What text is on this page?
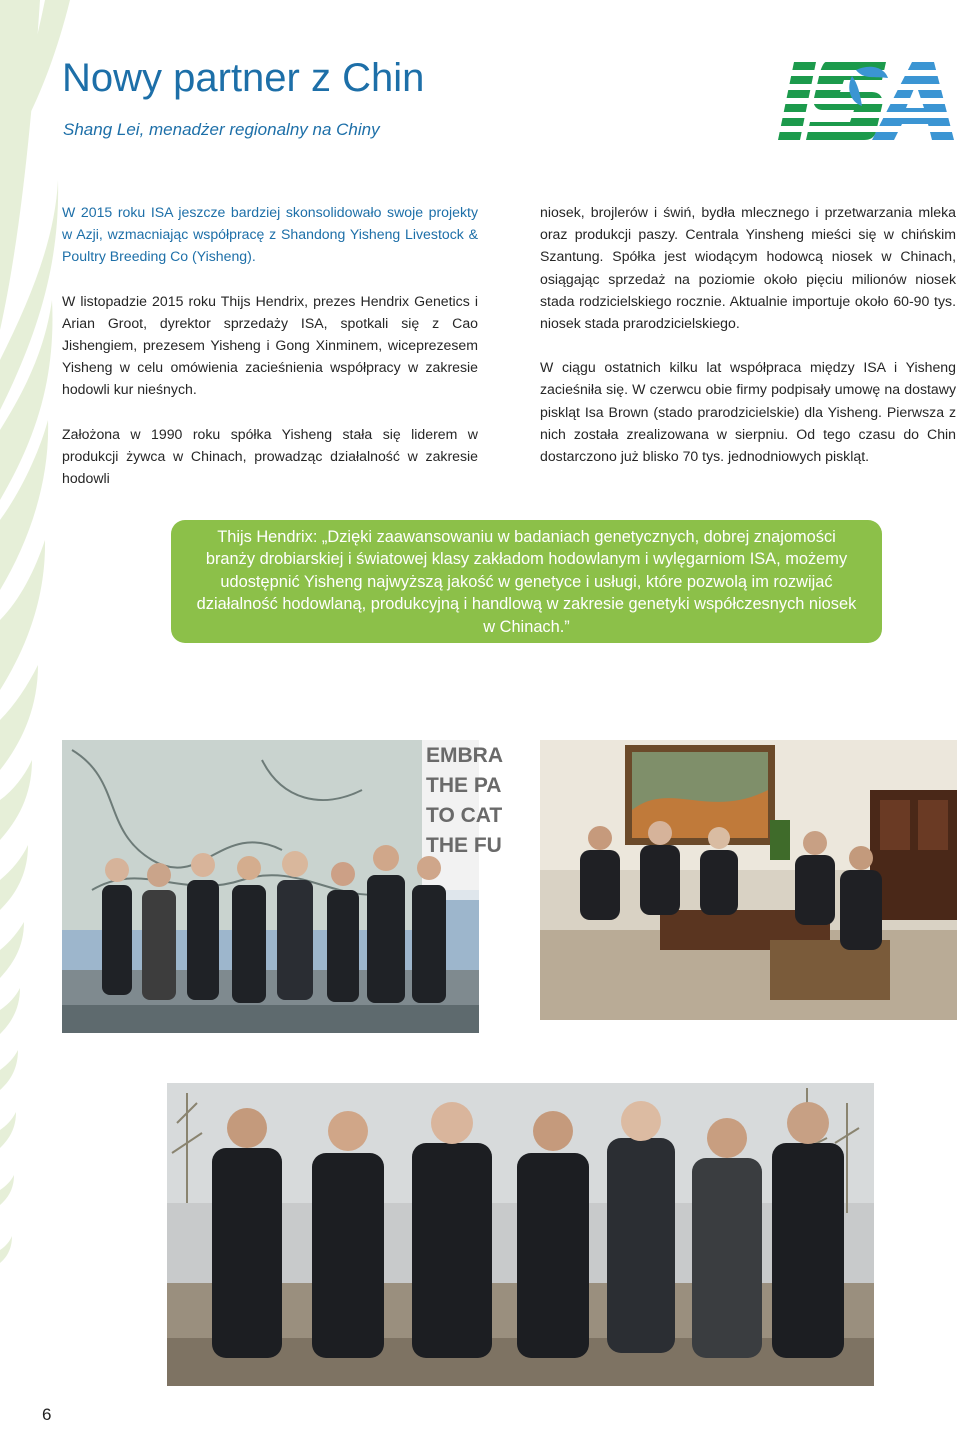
Nowy partner z Chin

Shang Lei, menadżer regionalny na Chiny

W 2015 roku ISA jeszcze bardziej skonsolidowało swoje projekty w Azji, wzmacniając współpracę z Shandong Yisheng Livestock & Poultry Breeding Co (Yisheng).

W listopadzie 2015 roku Thijs Hendrix, prezes Hendrix Genetics i Arian Groot, dyrektor sprzedaży ISA, spotkali się z Cao Jishengiem, prezesem Yisheng i Gong Xinminem, wiceprezesem Yisheng w celu omówienia zacieśnienia współpracy w zakresie hodowli kur nieśnych.

Założona w 1990 roku spółka Yisheng stała się liderem w produkcji żywca w Chinach, prowadząc działalność w zakresie hodowli

niosek, brojlerów i świń, bydła mlecznego i przetwarzania mleka oraz produkcji paszy. Centrala Yinsheng mieści się w chińskim Szantung. Spółka jest wiodącym hodowcą niosek w Chinach, osiągając sprzedaż na poziomie około pięciu milionów niosek stada rodzicielskiego rocznie. Aktualnie importuje około 60-90 tys. niosek stada prarodzicielskiego.

W ciągu ostatnich kilku lat współpraca między ISA i Yisheng zacieśniła się. W czerwcu obie firmy podpisały umowę na dostawy piskląt Isa Brown (stado prarodzicielskie) dla Yisheng. Pierwsza z nich została zrealizowana w sierpniu. Od tego czasu do Chin dostarczono już blisko 70 tys. jednodniowych piskląt.

Thijs Hendrix: „Dzięki zaawansowaniu w badaniach genetycznych, dobrej znajomości branży drobiarskiej i światowej klasy zakładom hodowlanym i wylęgarniom ISA, możemy udostępnić Yisheng najwyższą jakość w genetyce i usługi, które pozwolą im rozwijać działalność hodowlaną, produkcyjną i handlową w zakresie genetyki współczesnych niosek w Chinach.”
EMBRA
THE PA
TO CAT
THE FU

6
